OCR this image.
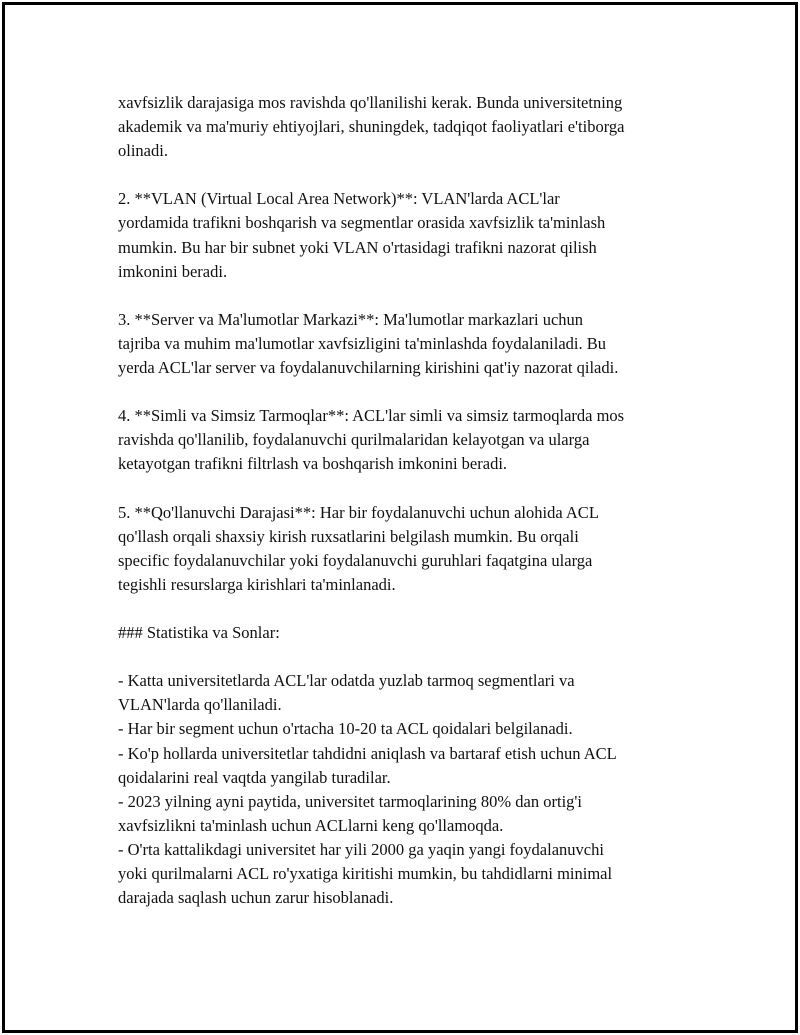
xavfsizlik darajasiga mos ravishda qo'llanilishi kerak. Bunda universitetning
akademik va ma'muriy ehtiyojlari, shuningdek, tadqiqot faoliyatlari e'tiborga
olinadi.

2. **VLAN (Virtual Local Area Network)**: VLAN'larda ACL'lar
yordamida trafikni boshqarish va segmentlar orasida xavfsizlik ta'minlash
mumkin. Bu har bir subnet yoki VLAN o'rtasidagi trafikni nazorat qilish
imkonini beradi.

3. **Server va Ma'lumotlar Markazi**: Ma'lumotlar markazlari uchun
tajriba va muhim ma'lumotlar xavfsizligini ta'minlashda foydalaniladi. Bu
yerda ACL'lar server va foydalanuvchilarning kirishini qat'iy nazorat qiladi.

4. **Simli va Simsiz Tarmoqlar**: ACL'lar simli va simsiz tarmoqlarda mos
ravishda qo'llanilib, foydalanuvchi qurilmalaridan kelayotgan va ularga
ketayotgan trafikni filtrlash va boshqarish imkonini beradi.

5. **Qo'llanuvchi Darajasi**: Har bir foydalanuvchi uchun alohida ACL
qo'llash orqali shaxsiy kirish ruxsatlarini belgilash mumkin. Bu orqali
specific foydalanuvchilar yoki foydalanuvchi guruhlari faqatgina ularga
tegishli resurslarga kirishlari ta'minlanadi.

### Statistika va Sonlar:

- Katta universitetlarda ACL'lar odatda yuzlab tarmoq segmentlari va
VLAN'larda qo'llaniladi.
- Har bir segment uchun o'rtacha 10-20 ta ACL qoidalari belgilanadi.
- Ko'p hollarda universitetlar tahdidni aniqlash va bartaraf etish uchun ACL
qoidalarini real vaqtda yangilab turadilar.
- 2023 yilning ayni paytida, universitet tarmoqlarining 80% dan ortig'i
xavfsizlikni ta'minlash uchun ACLlarni keng qo'llamoqda.
- O'rta kattalikdagi universitet har yili 2000 ga yaqin yangi foydalanuvchi
yoki qurilmalarni ACL ro'yxatiga kiritishi mumkin, bu tahdidlarni minimal
darajada saqlash uchun zarur hisoblanadi.
